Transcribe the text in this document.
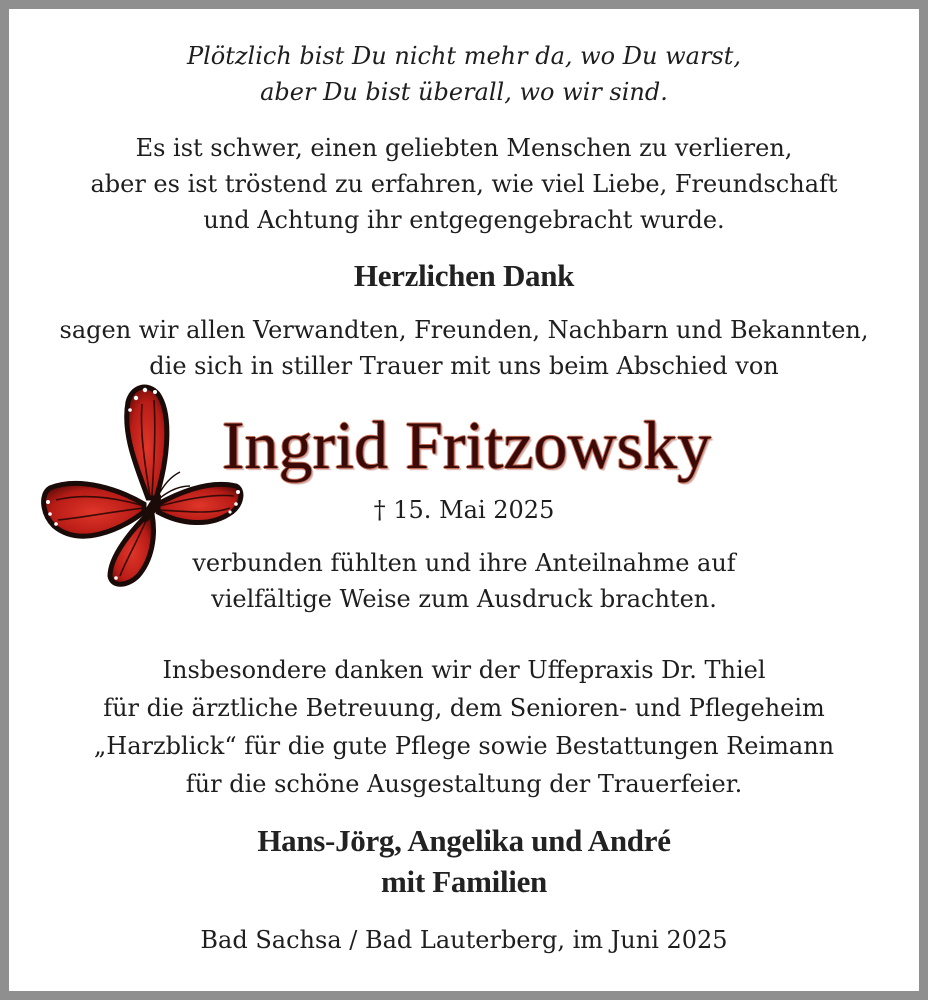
Plötzlich bist Du nicht mehr da, wo Du warst,
aber Du bist überall, wo wir sind.
Es ist schwer, einen geliebten Menschen zu verlieren,
aber es ist tröstend zu erfahren, wie viel Liebe, Freundschaft
und Achtung ihr entgegengebracht wurde.
Herzlichen Dank
sagen wir allen Verwandten, Freunden, Nachbarn und Bekannten,
die sich in stiller Trauer mit uns beim Abschied von
Ingrid Fritzowsky
† 15. Mai 2025
verbunden fühlten und ihre Anteilnahme auf
vielfältige Weise zum Ausdruck brachten.
Insbesondere danken wir der Uffepraxis Dr. Thiel
für die ärztliche Betreuung, dem Senioren- und Pflegeheim
„Harzblick“ für die gute Pflege sowie Bestattungen Reimann
für die schöne Ausgestaltung der Trauerfeier.
Hans-Jörg, Angelika und André
mit Familien
Bad Sachsa / Bad Lauterberg, im Juni 2025
